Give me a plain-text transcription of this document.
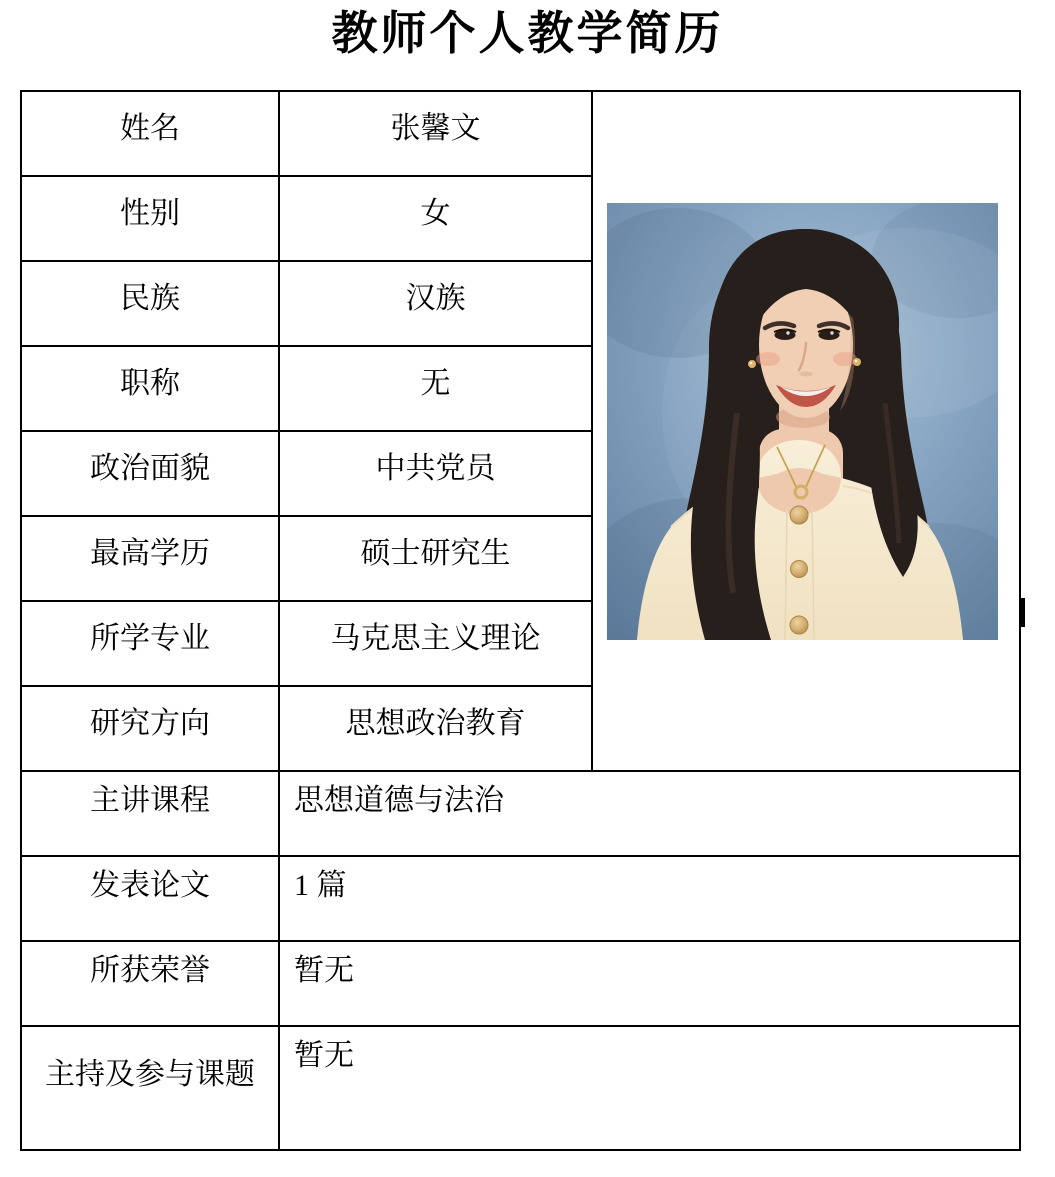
教师个人教学简历
姓名	张馨文	

性别	女	
民族	汉族	
职称	无	
政治面貌	中共党员	
最高学历	硕士研究生	
所学专业	马克思主义理论	
研究方向	思想政治教育	
主讲课程	思想道德与法治	
发表论文	1 篇	
所获荣誉	暂无	
主持及参与课题	暂无	
